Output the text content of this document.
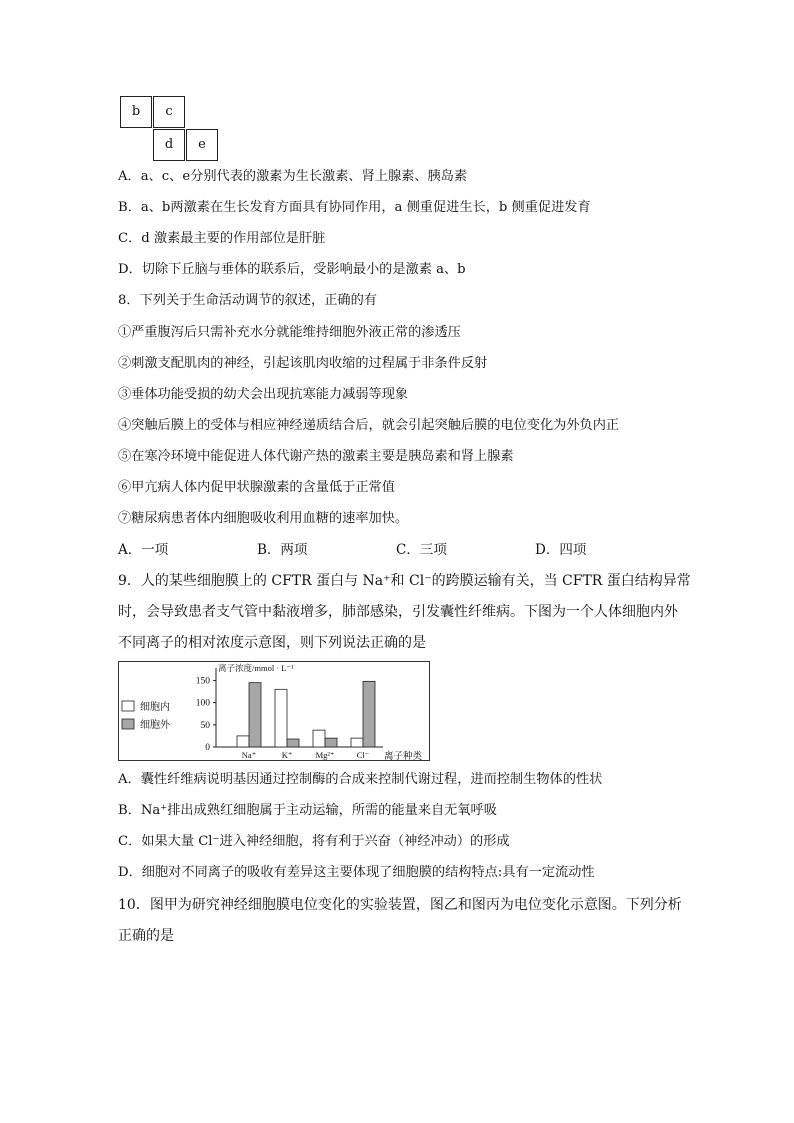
b	c
d	e
A．a、c、e分别代表的激素为生长激素、肾上腺素、胰岛素
B．a、b两激素在生长发育方面具有协同作用，a 侧重促进生长，b 侧重促进发育
C．d 激素最主要的作用部位是肝脏
D．切除下丘脑与垂体的联系后，受影响最小的是激素 a、b
8．下列关于生命活动调节的叙述，正确的有
①严重腹泻后只需补充水分就能维持细胞外液正常的渗透压
②刺激支配肌肉的神经，引起该肌肉收缩的过程属于非条件反射
③垂体功能受损的幼犬会出现抗寒能力减弱等现象
④突触后膜上的受体与相应神经递质结合后，就会引起突触后膜的电位变化为外负内正
⑤在寒冷环境中能促进人体代谢产热的激素主要是胰岛素和肾上腺素
⑥甲亢病人体内促甲状腺激素的含量低于正常值
⑦糖尿病患者体内细胞吸收利用血糖的速率加快。
A．一项	B．两项	C．三项	D．四项
9．人的某些细胞膜上的 CFTR 蛋白与 Na⁺和 Cl⁻的跨膜运输有关，当 CFTR 蛋白结构异常
时，会导致患者支气管中黏液增多，肺部感染，引发囊性纤维病。下图为一个人体细胞内外
不同离子的相对浓度示意图，则下列说法正确的是
离子浓度/mmol · L⁻¹
离子种类
150
100
50
0
Na⁺	K⁺	Mg²⁺	Cl⁻
细胞内
细胞外
A．囊性纤维病说明基因通过控制酶的合成来控制代谢过程，进而控制生物体的性状
B．Na⁺排出成熟红细胞属于主动运输，所需的能量来自无氧呼吸
C．如果大量 Cl⁻进入神经细胞，将有利于兴奋（神经冲动）的形成
D．细胞对不同离子的吸收有差异这主要体现了细胞膜的结构特点:具有一定流动性
10．图甲为研究神经细胞膜电位变化的实验装置，图乙和图丙为电位变化示意图。下列分析
正确的是
